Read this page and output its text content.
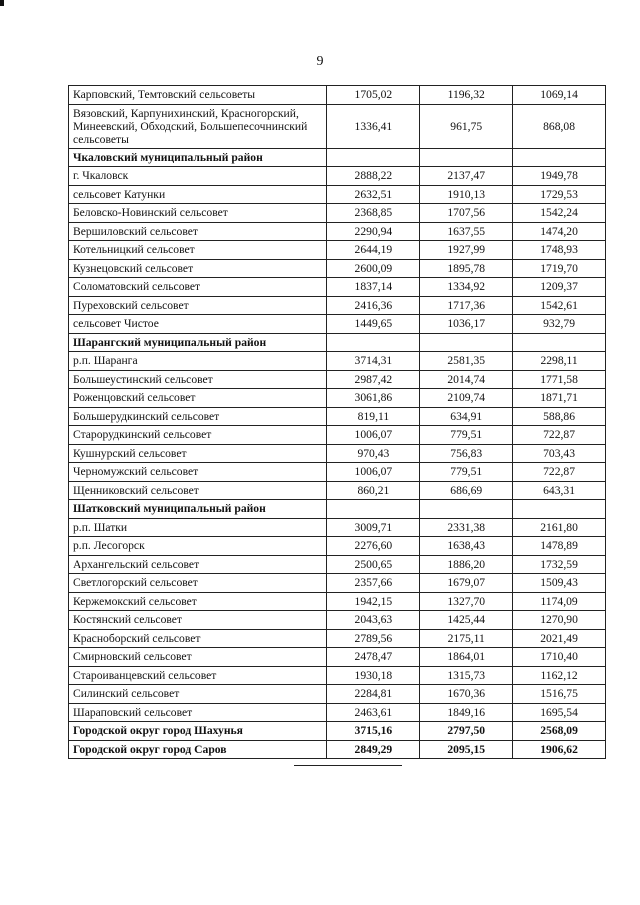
9
Карповский, Темтовский сельсоветы	1705,02	1196,32	1069,14
Вязовский, Карпунихинский, Красногорский, Минеевский, Обходский, Большепесочнинский сельсоветы	1336,41	961,75	868,08
Чкаловский муниципальный район			
г. Чкаловск	2888,22	2137,47	1949,78
сельсовет Катунки	2632,51	1910,13	1729,53
Беловско-Новинский сельсовет	2368,85	1707,56	1542,24
Вершиловский сельсовет	2290,94	1637,55	1474,20
Котельницкий сельсовет	2644,19	1927,99	1748,93
Кузнецовский сельсовет	2600,09	1895,78	1719,70
Соломатовский сельсовет	1837,14	1334,92	1209,37
Пуреховский сельсовет	2416,36	1717,36	1542,61
сельсовет Чистое	1449,65	1036,17	932,79
Шарангский муниципальный район			
р.п. Шаранга	3714,31	2581,35	2298,11
Большеустинский сельсовет	2987,42	2014,74	1771,58
Роженцовский сельсовет	3061,86	2109,74	1871,71
Большерудкинский сельсовет	819,11	634,91	588,86
Старорудкинский сельсовет	1006,07	779,51	722,87
Кушнурский сельсовет	970,43	756,83	703,43
Черномужский сельсовет	1006,07	779,51	722,87
Щенниковский сельсовет	860,21	686,69	643,31
Шатковский муниципальный район			
р.п. Шатки	3009,71	2331,38	2161,80
р.п. Лесогорск	2276,60	1638,43	1478,89
Архангельский сельсовет	2500,65	1886,20	1732,59
Светлогорский сельсовет	2357,66	1679,07	1509,43
Кержемокский сельсовет	1942,15	1327,70	1174,09
Костянский сельсовет	2043,63	1425,44	1270,90
Красноборский сельсовет	2789,56	2175,11	2021,49
Смирновский сельсовет	2478,47	1864,01	1710,40
Староиванцевский сельсовет	1930,18	1315,73	1162,12
Силинский сельсовет	2284,81	1670,36	1516,75
Шараповский сельсовет	2463,61	1849,16	1695,54
Городской округ город Шахунья	3715,16	2797,50	2568,09
Городской округ город Саров	2849,29	2095,15	1906,62
